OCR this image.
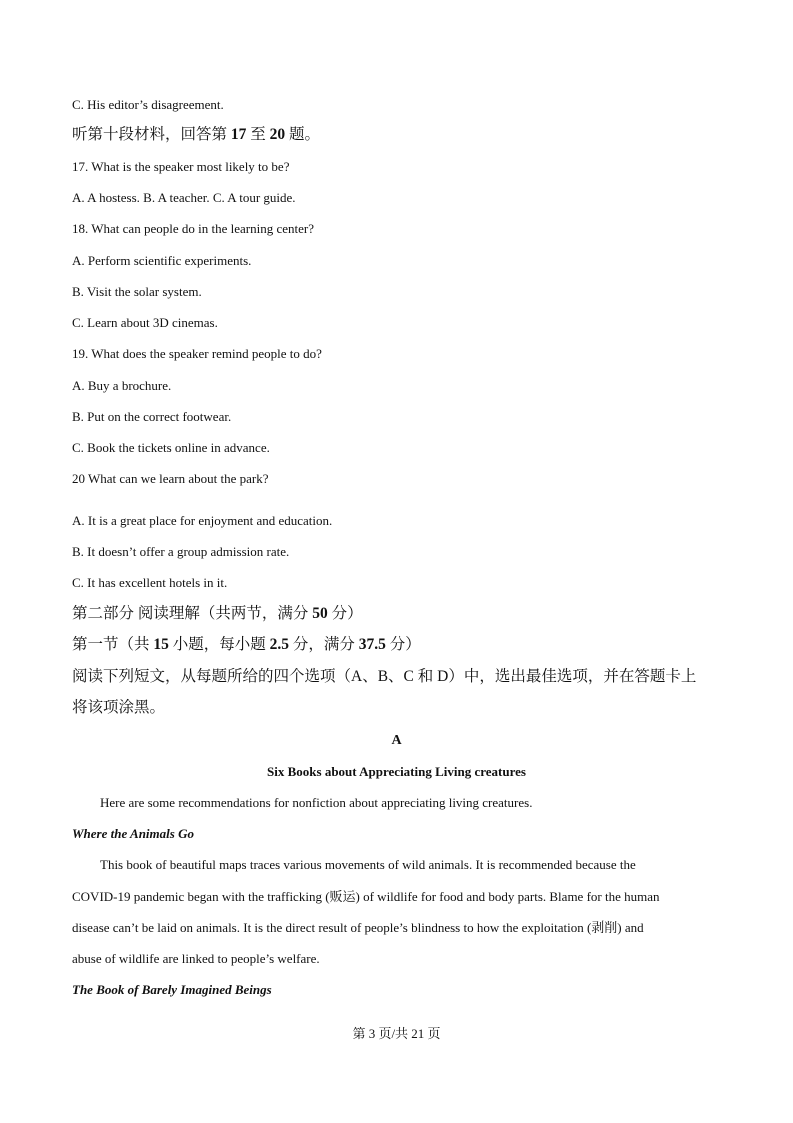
C. His editor’s disagreement.
听第十段材料，回答第 17 至 20 题。
17. What is the speaker most likely to be?
A. A hostess. B. A teacher. C. A tour guide.
18. What can people do in the learning center?
A. Perform scientific experiments.
B. Visit the solar system.
C. Learn about 3D cinemas.
19. What does the speaker remind people to do?
A. Buy a brochure.
B. Put on the correct footwear.
C. Book the tickets online in advance.
20 What can we learn about the park?
A. It is a great place for enjoyment and education.
B. It doesn’t offer a group admission rate.
C. It has excellent hotels in it.
第二部分 阅读理解（共两节，满分 50 分）
第一节（共 15 小题，每小题 2.5 分，满分 37.5 分）
阅读下列短文，从每题所给的四个选项（A、B、C 和 D）中，选出最佳选项，并在答题卡上
将该项涂黑。
A
Six Books about Appreciating Living creatures
Here are some recommendations for nonfiction about appreciating living creatures.
Where the Animals Go
This book of beautiful maps traces various movements of wild animals. It is recommended because the
COVID-19 pandemic began with the trafficking (贩运) of wildlife for food and body parts. Blame for the human
disease can’t be laid on animals. It is the direct result of people’s blindness to how the exploitation (剥削) and
abuse of wildlife are linked to people’s welfare.
The Book of Barely Imagined Beings
第 3 页/共 21 页
